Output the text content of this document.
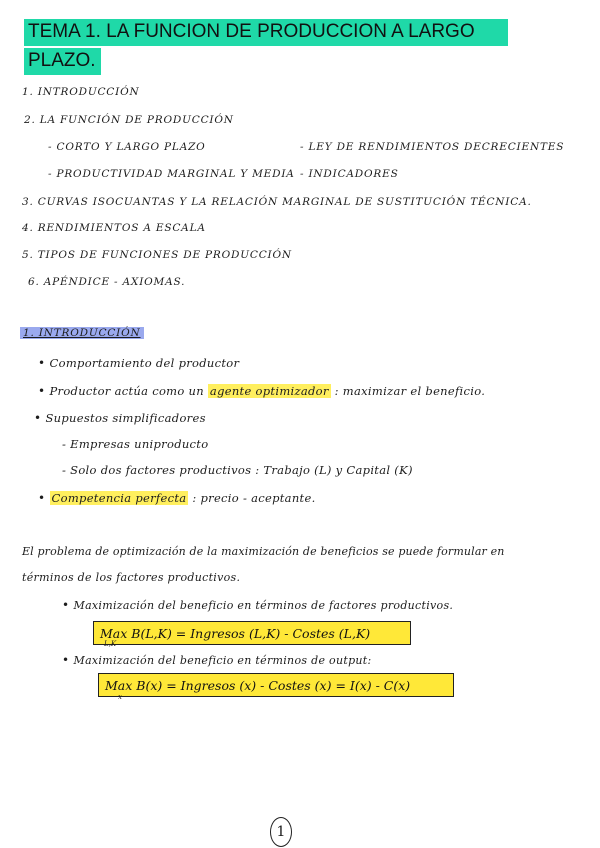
TEMA 1. LA FUNCION DE PRODUCCION A LARGO
PLAZO.
1. INTRODUCCIÓN
2. LA FUNCIÓN DE PRODUCCIÓN
- CORTO Y LARGO PLAZO	- LEY DE RENDIMIENTOS DECRECIENTES
- PRODUCTIVIDAD MARGINAL Y MEDIA - INDICADORES
3. CURVAS ISOCUANTAS Y LA RELACIÓN MARGINAL DE SUSTITUCIÓN TÉCNICA.
4. RENDIMIENTOS A ESCALA
5. TIPOS DE FUNCIONES DE PRODUCCIÓN
6. APÉNDICE - AXIOMAS.
1. INTRODUCCIÓN
• Comportamiento del productor
• Productor actúa como un agente optimizador : maximizar el beneficio.
• Supuestos simplificadores
- Empresas uniproducto
- Solo dos factores productivos : Trabajo (L) y Capital (K)
• Competencia perfecta : precio - aceptante.
El problema de optimización de la maximización de beneficios se puede formular en
términos de los factores productivos.
• Maximización del beneficio en términos de factores productivos.
Max B(L,K) = Ingresos (L,K) - Costes (L,K)
L,K
• Maximización del beneficio en términos de output:
Max B(x) = Ingresos (x) - Costes (x) = I(x) - C(x)
x
1
